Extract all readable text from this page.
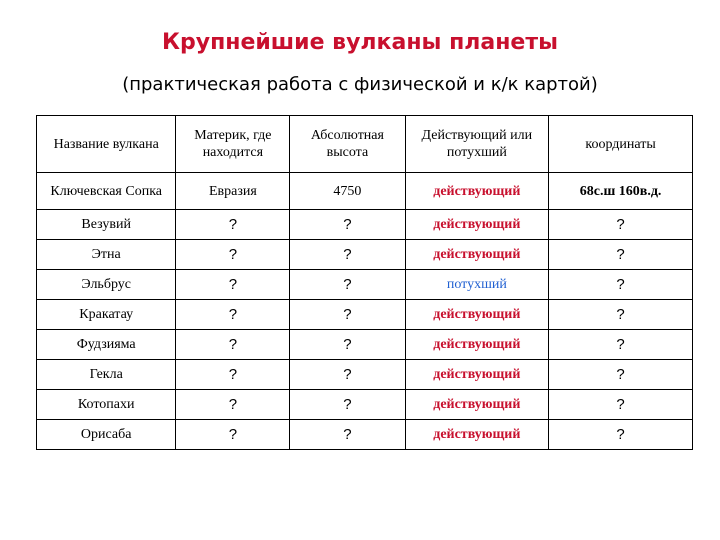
Крупнейшие вулканы планеты

(практическая работа с физической и к/к картой)

Название вулкана	Материк, где находится	Абсолютная высота	Действующий или потухший	координаты
Ключевская Сопка	Евразия	4750	действующий	68с.ш 160в.д.
Везувий	?	?	действующий	?
Этна	?	?	действующий	?
Эльбрус	?	?	потухший	?
Кракатау	?	?	действующий	?
Фудзияма	?	?	действующий	?
Гекла	?	?	действующий	?
Котопахи	?	?	действующий	?
Орисаба	?	?	действующий	?
